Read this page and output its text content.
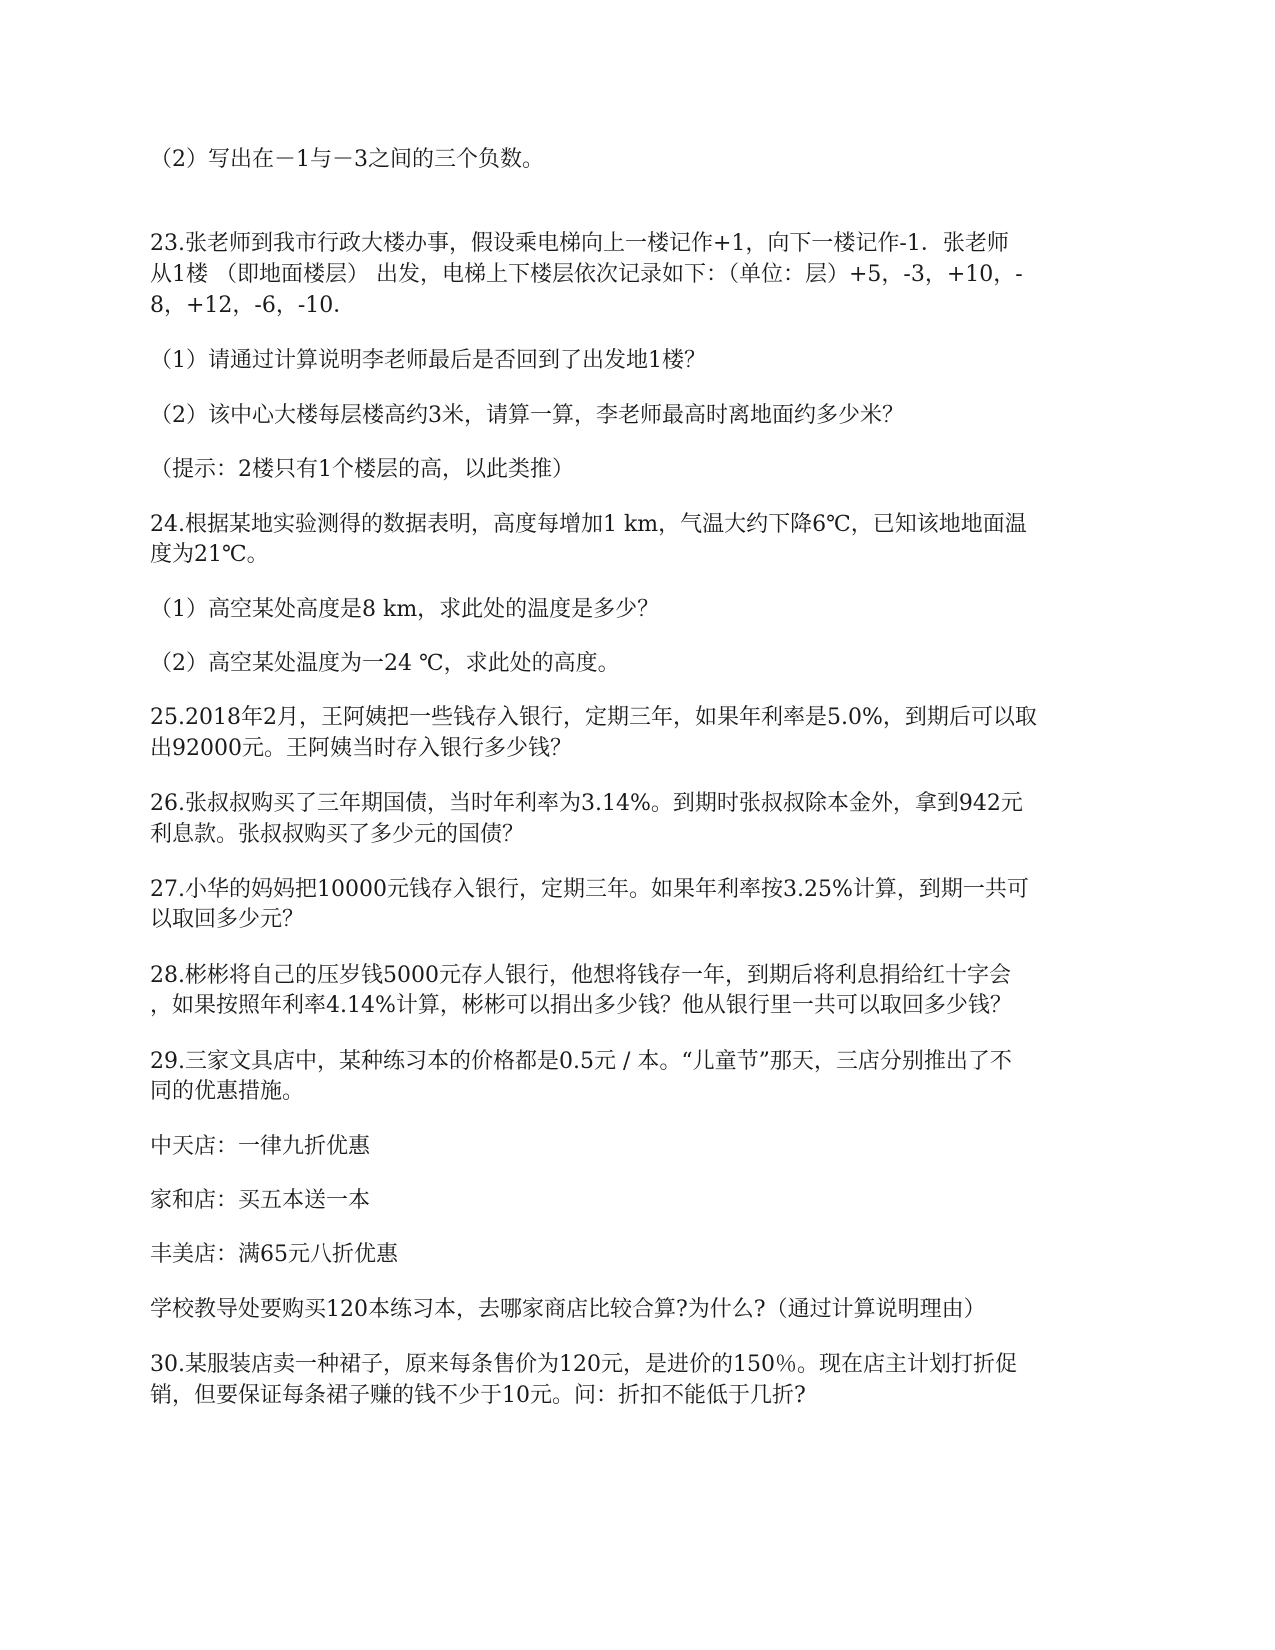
（2）写出在－1与－3之间的三个负数。
23.张老师到我市行政大楼办事，假设乘电梯向上一楼记作+1，向下一楼记作-1．张老师
从1楼 （即地面楼层） 出发，电梯上下楼层依次记录如下：（单位：层）+5，-3，+10，-
8，+12，-6，-10．
（1）请通过计算说明李老师最后是否回到了出发地1楼？
（2）该中心大楼每层楼高约3米，请算一算，李老师最高时离地面约多少米？
（提示：2楼只有1个楼层的高，以此类推）
24.根据某地实验测得的数据表明，高度每增加1 km，气温大约下降6℃，已知该地地面温
度为21℃。
（1）高空某处高度是8 km，求此处的温度是多少？
（2）高空某处温度为一24 ℃，求此处的高度。
25.2018年2月，王阿姨把一些钱存入银行，定期三年，如果年利率是5.0%，到期后可以取
出92000元。王阿姨当时存入银行多少钱？
26.张叔叔购买了三年期国债，当时年利率为3.14%。到期时张叔叔除本金外，拿到942元
利息款。张叔叔购买了多少元的国债？
27.小华的妈妈把10000元钱存入银行，定期三年。如果年利率按3.25%计算，到期一共可
以取回多少元？
28.彬彬将自己的压岁钱5000元存人银行，他想将钱存一年，到期后将利息捐给红十字会
，如果按照年利率4.14%计算，彬彬可以捐出多少钱？他从银行里一共可以取回多少钱？
29.三家文具店中，某种练习本的价格都是0.5元 / 本。“儿童节”那天，三店分别推出了不
同的优惠措施。
中天店：一律九折优惠
家和店：买五本送一本
丰美店：满65元八折优惠
学校教导处要购买120本练习本，去哪家商店比较合算?为什么?（通过计算说明理由）
30.某服装店卖一种裙子，原来每条售价为120元，是进价的150％。现在店主计划打折促
销，但要保证每条裙子赚的钱不少于10元。问：折扣不能低于几折?
